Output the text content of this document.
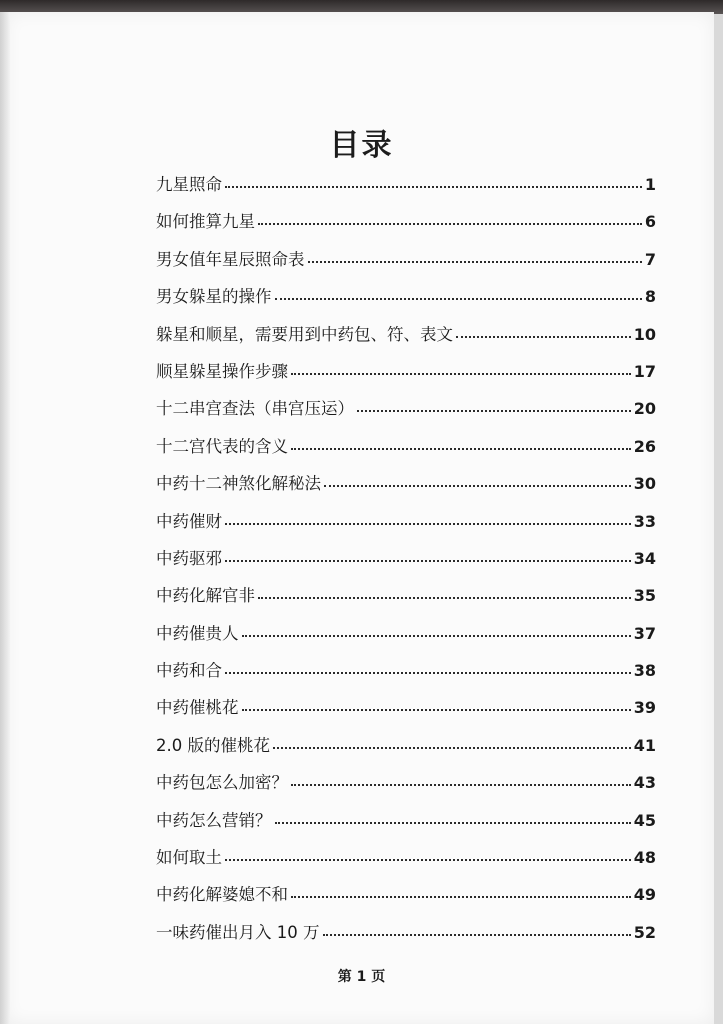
目录
九星照命	1
如何推算九星	6
男女值年星辰照命表	7
男女躲星的操作	8
躲星和顺星，需要用到中药包、符、表文	10
顺星躲星操作步骤	17
十二串宫查法（串宫压运）	20
十二宫代表的含义	26
中药十二神煞化解秘法	30
中药催财	33
中药驱邪	34
中药化解官非	35
中药催贵人	37
中药和合	38
中药催桃花	39
2.0 版的催桃花	41
中药包怎么加密？	43
中药怎么营销？	45
如何取土	48
中药化解婆媳不和	49
一味药催出月入 10 万	52
第 1 页
